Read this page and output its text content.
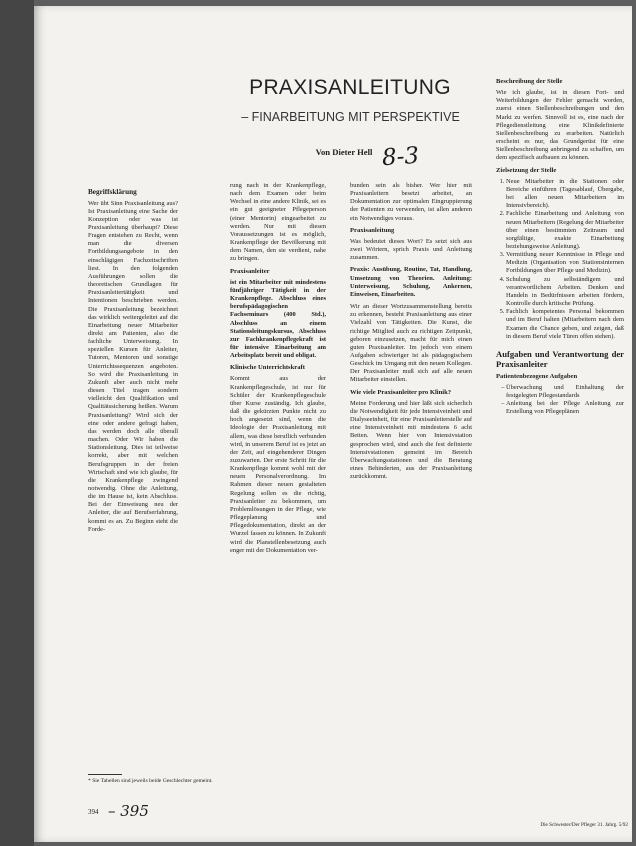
PRAXISANLEITUNG
– FINARBEITUNG MIT PERSPEKTIVE
Von Dieter Hell 8-3
Begriffsklärung

Wer übt Sinn Praxisanleitung aus? Ist Praxisanleitung eine Sache der Konzeption oder was ist Praxisanleitung überhaupt? Diese Fragen entstehen zu Recht, wenn man die diversen Fortbildungsangebote in den einschlägigen Fachzeitschriften liest. In den folgenden Ausführungen sollen die theoretischen Grundlagen für Praxisanleitertätigkeit und Intentionen beschrieben werden. Die Praxisanleitung bezeichnet das wirklich weitergeleitet auf die Einarbeitung neuer Mitarbeiter direkt am Patienten, also die fachliche Unterweisung. In speziellen Kursen für Anleiter, Tutoren, Mentoren und sonstige Unterrichtssequenzen angeboten. So wird die Praxisanleitung in Zukunft aber auch nicht mehr diesen Titel tragen sondern vielleicht den Qualifikation und Qualitätssicherung heißen. Warum Praxisanleitung? Wird sich der eine oder andere gefragt haben, das werden doch alle überall machen. Oder Wir haben die Stationsleitung. Dies ist teilweise korrekt, aber mit welchen Berufsgruppen in der freien Wirtschaft sind wie ich glaube, für die Krankenpflege zwingend notwendig. Ohne die Anleitung, die im Hause ist, kein Abschluss. Bei der Einweisung neu der Anleiter, die auf Berufserfahrung, kommt es an. Zu Beginn steht die Forde-

rung nach in der Krankenpflege, nach dem Examen oder beim Wechsel in eine andere Klinik, sei es ein gut geeigneter Pflegeperson (einer Mentorin) eingearbeitet zu werden. Nur mit diesen Voraussetzungen ist es möglich, Krankenpflege der Bevölkerung mit dem Namen, den sie verdient, nahe zu bringen.

Praxisanleiter

ist ein Mitarbeiter mit mindestens fünfjähriger Tätigkeit in der Krankenpflege. Abschluss eines berufspädagogischen Fachseminars (400 Std.), Abschluss an einem Stationsleitungskursus, Abschluss zur Fachkrankenpflegekraft ist für intensive Einarbeitung am Arbeitsplatz bereit und obligat.

Klinische Unterrichtskraft

Kommt aus der Krankenpflegeschule, ist nur für Schüler der Krankenpflegeschule über Kurse zuständig. Ich glaube, daß die gekürzten Punkte nicht zu hoch angesetzt sind, wenn die Ideologie der Praxisanleitung mit allem, was diese beruflich verbunden wird, in unserem Beruf ist es jetzt an der Zeit, auf eingehenderer Dingen zuzuwarten. Der erste Schritt für die Krankenpflege kommt wohl mit der neuen Personalverordnung. Im Rahmen dieser neuen gestalteten Regelung sollen es die richtig, Praxisanleiter zu bekommen, um Problemlösungen in der Pflege, wie Pflegeplanung und Pflegedokumentation, direkt an der Wurzel fassen zu können. In Zukunft wird die Planstellenbesetzung auch enger mit der Dokumentation ver-

bunden sein als bisher. Wer hier mit Praxisanleitern besetzt arbeitet, an Dokumentation zur optimalen Eingruppierung der Patienten zu verwenden, ist allen anderen ein Notwendiges voraus.

Praxisanleitung

Was bedeutet dieses Wort? Es setzt sich aus zwei Wörtern, sprich Praxis und Anleitung zusammen.

Praxis: Ausübung, Routine, Tat, Handlung, Umsetzung von Theorien. Anleitung: Unterweisung, Schulung, Ankernen, Einweisen, Einarbeiten.

Wir an dieser Wortzusammenstellung bereits zu erkennen, besteht Praxisanleitung aus einer Vielzahl von Tätigkeiten. Die Kunst, die richtige Mitglied auch zu richtigen Zeitpunkt, geboren einzusetzen, macht für mich einen guten Praxisanleiter. Im jedoch von einem Aufgaben schwieriger ist als pädagogischem Geschick im Umgang mit den neuen Kollegen. Der Praxisanleiter muß sich auf alle neuen Mitarbeiter einstellen.

Wie viele Praxisanleiter pro Klinik?

Meine Forderung und hier läßt sich sicherlich die Notwendigkeit für jede Intensiveinheit und Dialyseeinheit, für eine Praxisanleiterstelle auf eine Intensiveinheit mit mindestens 6 acht Betten. Wenn hier von Intensivstation gesprochen wird, sind auch die fest definierte Intensivstationen gemeint im Bereich Überwachungsstationen und die Beratung eines Behinderten, aus der Praxisanleitung zurückkommt.

Beschreibung der Stelle

Wie ich glaube, ist in diesen Fort- und Weiterbildungen der Fehler gemacht worden, zuerst einen Stellenbeschreibungen und den Markt zu werfen. Sinnvoll ist es, eine nach der Pflegedienstleitung eine Klinikdefinierte Stellenbeschreibung zu erarbeiten. Natürlich erscheint es nur, das Grundgerüst für eine Stellenbeschreibung anbringend zu schaffen, um dem spezifisch aufbauen zu können.

Zielsetzung der Stelle
1. Neue Mitarbeiter in die Stationen oder Bereiche einführen (Tagesablauf, Übergabe, bei allen neuen Mitarbeitern im Intensivbereich).
2. Fachliche Einarbeitung und Anleitung von neuen Mitarbeitern (Regelung der Mitarbeiter über einen bestimmten Zeitraum und sorgfältige, exakte Einarbeitung beziehungsweise Anleitung).
3. Vermittlung neuer Kenntnisse in Pflege und Medizin (Organisation von Stationsinternen Fortbildungen über Pflege und Medizin).
4. Schulung zu selbständigem und verantwortlichem Arbeiten. Denken und Handeln in Bedürfnissen arbeiten fördern, Kontrolle durch kritische Prüfung.
5. Fachlich kompetentes Personal bekommen und im Beruf halten (Mitarbeitern nach dem Examen die Chance geben, und zeigen, daß in diesem Beruf viele Türen offen stehen).
Aufgaben und Verantwortung der Praxisanleiter
Patientenbezogene Aufgaben
– Überwachung und Einhaltung der festgelegten Pflegestandards
– Anleitung bei der Pflege Anleitung zur Erstellung von Pflegeplänen
* Sie Tabellen sind jeweils beide Geschlechter gemeint.
394 – 395
Die Schwester/Der Pfleger 31. Jahrg. 5/92
